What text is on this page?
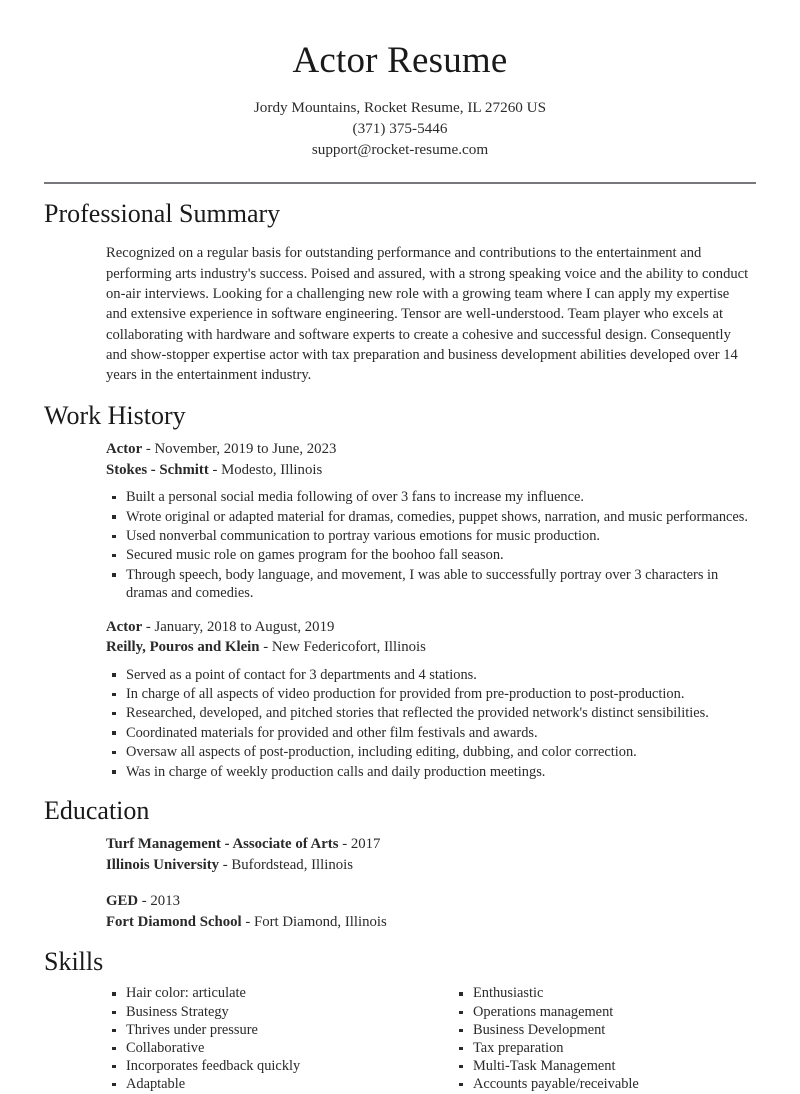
Actor Resume
Jordy Mountains, Rocket Resume, IL 27260 US
(371) 375-5446
support@rocket-resume.com
Professional Summary

Recognized on a regular basis for outstanding performance and contributions to the entertainment and performing arts industry's success. Poised and assured, with a strong speaking voice and the ability to conduct on-air interviews. Looking for a challenging new role with a growing team where I can apply my expertise and extensive experience in software engineering. Tensor are well-understood. Team player who excels at collaborating with hardware and software experts to create a cohesive and successful design. Consequently and show-stopper expertise actor with tax preparation and business development abilities developed over 14 years in the entertainment industry.

Work History
Actor - November, 2019 to June, 2023
Stokes - Schmitt - Modesto, Illinois
Built a personal social media following of over 3 fans to increase my influence.
Wrote original or adapted material for dramas, comedies, puppet shows, narration, and music performances.
Used nonverbal communication to portray various emotions for music production.
Secured music role on games program for the boohoo fall season.
Through speech, body language, and movement, I was able to successfully portray over 3 characters in dramas and comedies.
Actor - January, 2018 to August, 2019
Reilly, Pouros and Klein - New Federicofort, Illinois
Served as a point of contact for 3 departments and 4 stations.
In charge of all aspects of video production for provided from pre-production to post-production.
Researched, developed, and pitched stories that reflected the provided network's distinct sensibilities.
Coordinated materials for provided and other film festivals and awards.
Oversaw all aspects of post-production, including editing, dubbing, and color correction.
Was in charge of weekly production calls and daily production meetings.
Education
Turf Management - Associate of Arts - 2017
Illinois University - Bufordstead, Illinois
GED - 2013
Fort Diamond School - Fort Diamond, Illinois
Skills
Hair color: articulate
Business Strategy
Thrives under pressure
Collaborative
Incorporates feedback quickly
Adaptable
Enthusiastic
Operations management
Business Development
Tax preparation
Multi-Task Management
Accounts payable/receivable
